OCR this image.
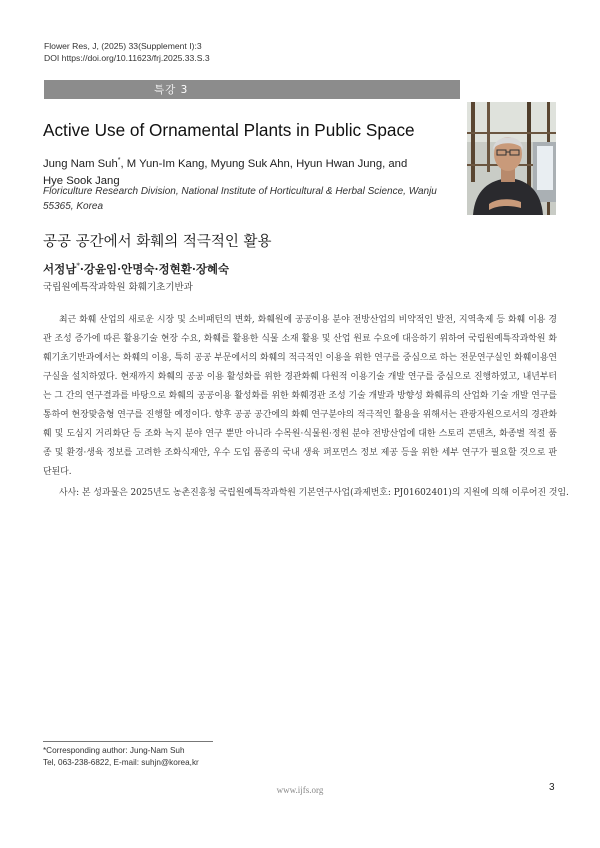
Flower Res, J, (2025) 33(Supplement I):3
DOI https://doi.org/10.11623/frj.2025.33.S.3
특강 3
Active Use of Ornamental Plants in Public Space
Jung Nam Suh*, M Yun-Im Kang, Myung Suk Ahn, Hyun Hwan Jung, and
Hye Sook Jang
Floriculture Research Division, National Institute of Horticultural & Herbal Science, Wanju 55365, Korea
공공 공간에서 화훼의 적극적인 활용
서정남*·강윤임·안명숙·정현환·장혜숙
국립원예특작과학원 화훼기초기반과

최근 화훼 산업의 새로운 시장 및 소비패턴의 변화, 화훼원에 공공이용 분야 전방산업의 비약적인 발전, 지역축제 등 화훼 이용 경관 조성 증가에 따른 활용기술 현장 수요, 화훼를 활용한 식물 소재 활용 및 산업 원료 수요에 대응하기 위하여 국립원예특작과학원 화훼기초기반과에서는 화훼의 이용, 특히 공공 부문에서의 화훼의 적극적인 이용을 위한 연구를 중심으로 하는 전문연구실인 화훼이용연구실을 설치하였다. 현재까지 화훼의 공공 이용 활성화를 위한 경관화훼 다원적 이용기술 개발 연구를 중심으로 진행하였고, 내년부터는 그 간의 연구결과를 바탕으로 화훼의 공공이용 활성화를 위한 화훼경관 조성 기술 개발과 방향성 화훼류의 산업화 기술 개발 연구를 통하여 현장맞춤형 연구를 진행할 예정이다. 향후 공공 공간에의 화훼 연구분야의 적극적인 활용을 위해서는 관광자원으로서의 경관화훼 및 도심지 거리화단 등 조화 녹지 분야 연구 뿐만 아니라 수목원·식물원·정원 분야 전방산업에 대한 스토리 콘텐츠, 화종별 적절 품종 및 환경·생육 정보를 고려한 조화식재안, 우수 도입 품종의 국내 생육 퍼포먼스 정보 제공 등을 위한 세부 연구가 필요할 것으로 판단된다.

사사: 본 성과물은 2025년도 농촌진흥청 국립원예특작과학원 기본연구사업(과제번호: PJ01602401)의 지원에 의해 이루어진 것임.

*Corresponding author: Jung-Nam Suh
Tel, 063-238-6822, E-mail: suhjn@korea,kr
www.ijfs.org	3
